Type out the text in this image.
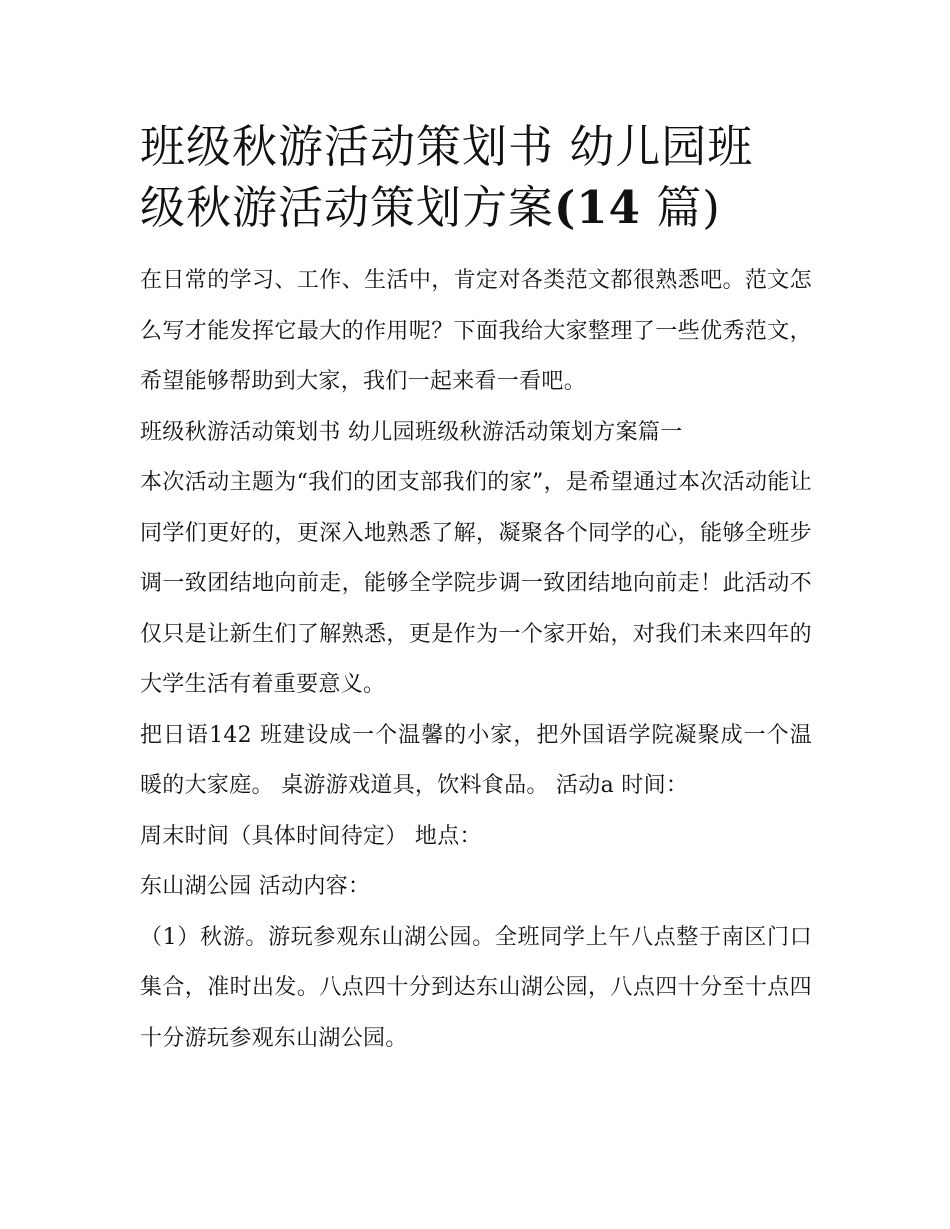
班级秋游活动策划书 幼儿园班
级秋游活动策划方案(14 篇)

在日常的学习、工作、生活中，肯定对各类范文都很熟悉吧。范文怎么写才能发挥它最大的作用呢？下面我给大家整理了一些优秀范文，希望能够帮助到大家，我们一起来看一看吧。

班级秋游活动策划书 幼儿园班级秋游活动策划方案篇一

本次活动主题为“我们的团支部我们的家”，是希望通过本次活动能让同学们更好的，更深入地熟悉了解，凝聚各个同学的心，能够全班步调一致团结地向前走，能够全学院步调一致团结地向前走！此活动不仅只是让新生们了解熟悉，更是作为一个家开始，对我们未来四年的大学生活有着重要意义。

把日语142 班建设成一个温馨的小家，把外国语学院凝聚成一个温暖的大家庭。 桌游游戏道具，饮料食品。 活动a 时间：

周末时间（具体时间待定） 地点：

东山湖公园 活动内容：

（1）秋游。游玩参观东山湖公园。全班同学上午八点整于南区门口集合，准时出发。八点四十分到达东山湖公园，八点四十分至十点四十分游玩参观东山湖公园。
